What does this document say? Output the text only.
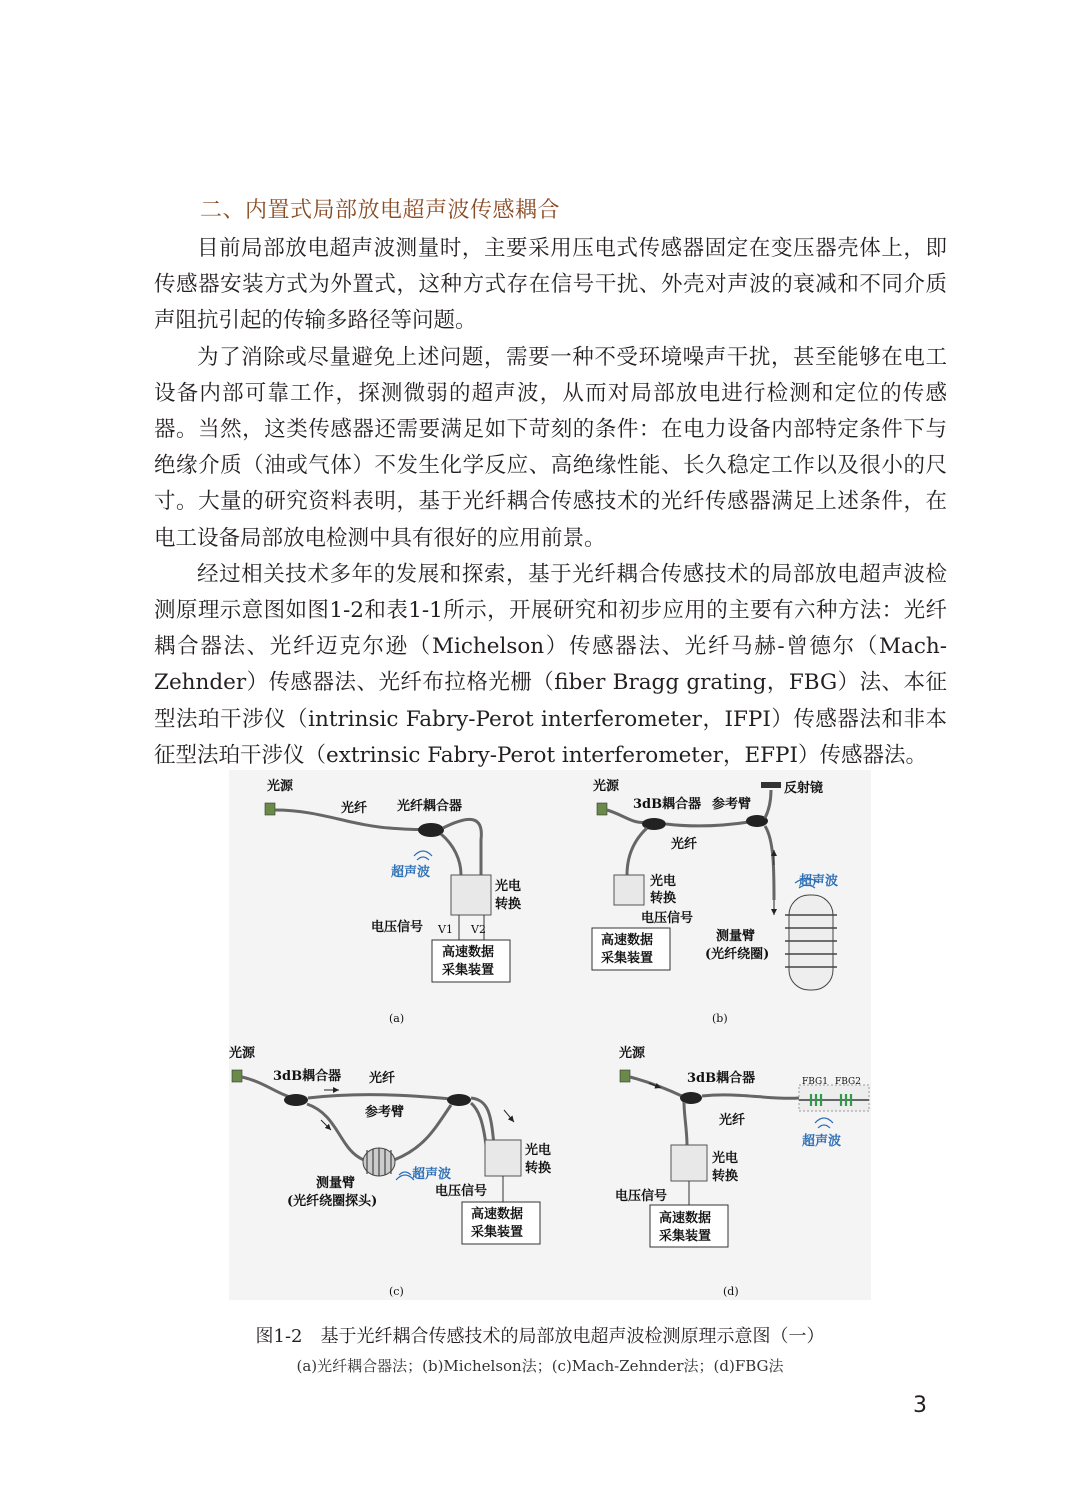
二、内置式局部放电超声波传感耦合

目前局部放电超声波测量时，主要采用压电式传感器固定在变压器壳体上，即传感器安装方式为外置式，这种方式存在信号干扰、外壳对声波的衰减和不同介质声阻抗引起的传输多路径等问题。

为了消除或尽量避免上述问题，需要一种不受环境噪声干扰，甚至能够在电工设备内部可靠工作，探测微弱的超声波，从而对局部放电进行检测和定位的传感器。当然，这类传感器还需要满足如下苛刻的条件：在电力设备内部特定条件下与绝缘介质（油或气体）不发生化学反应、高绝缘性能、长久稳定工作以及很小的尺寸。大量的研究资料表明，基于光纤耦合传感技术的光纤传感器满足上述条件，在电工设备局部放电检测中具有很好的应用前景。

经过相关技术多年的发展和探索，基于光纤耦合传感技术的局部放电超声波检测原理示意图如图1-2和表1-1所示，开展研究和初步应用的主要有六种方法：光纤耦合器法、光纤迈克尔逊（Michelson）传感器法、光纤马赫-曾德尔（Mach-Zehnder）传感器法、光纤布拉格光栅（fiber Bragg grating，FBG）法、本征型法珀干涉仪（intrinsic Fabry-Perot interferometer，IFPI）传感器法和非本征型法珀干涉仪（extrinsic Fabry-Perot interferometer，EFPI）传感器法。

光源
光纤 光纤耦合器
超声波
光电
转换
电压信号 V1 V2
高速数据
采集装置
(a)
光源
3dB耦合器 参考臂
反射镜
光纤
超声波
光电
转换
电压信号
高速数据
采集装置
测量臂
(光纤绕圈)
(b)
光源
3dB耦合器 光纤
参考臂
超声波
光电
转换
电压信号
测量臂
(光纤绕圈探头)
高速数据
采集装置
(c)
光源
3dB耦合器	FBG1 FBG2
光纤
超声波
光电
转换
电压信号
高速数据
采集装置
(d)
图1-2　基于光纤耦合传感技术的局部放电超声波检测原理示意图（一）
(a)光纤耦合器法；(b)Michelson法；(c)Mach-Zehnder法；(d)FBG法
3
